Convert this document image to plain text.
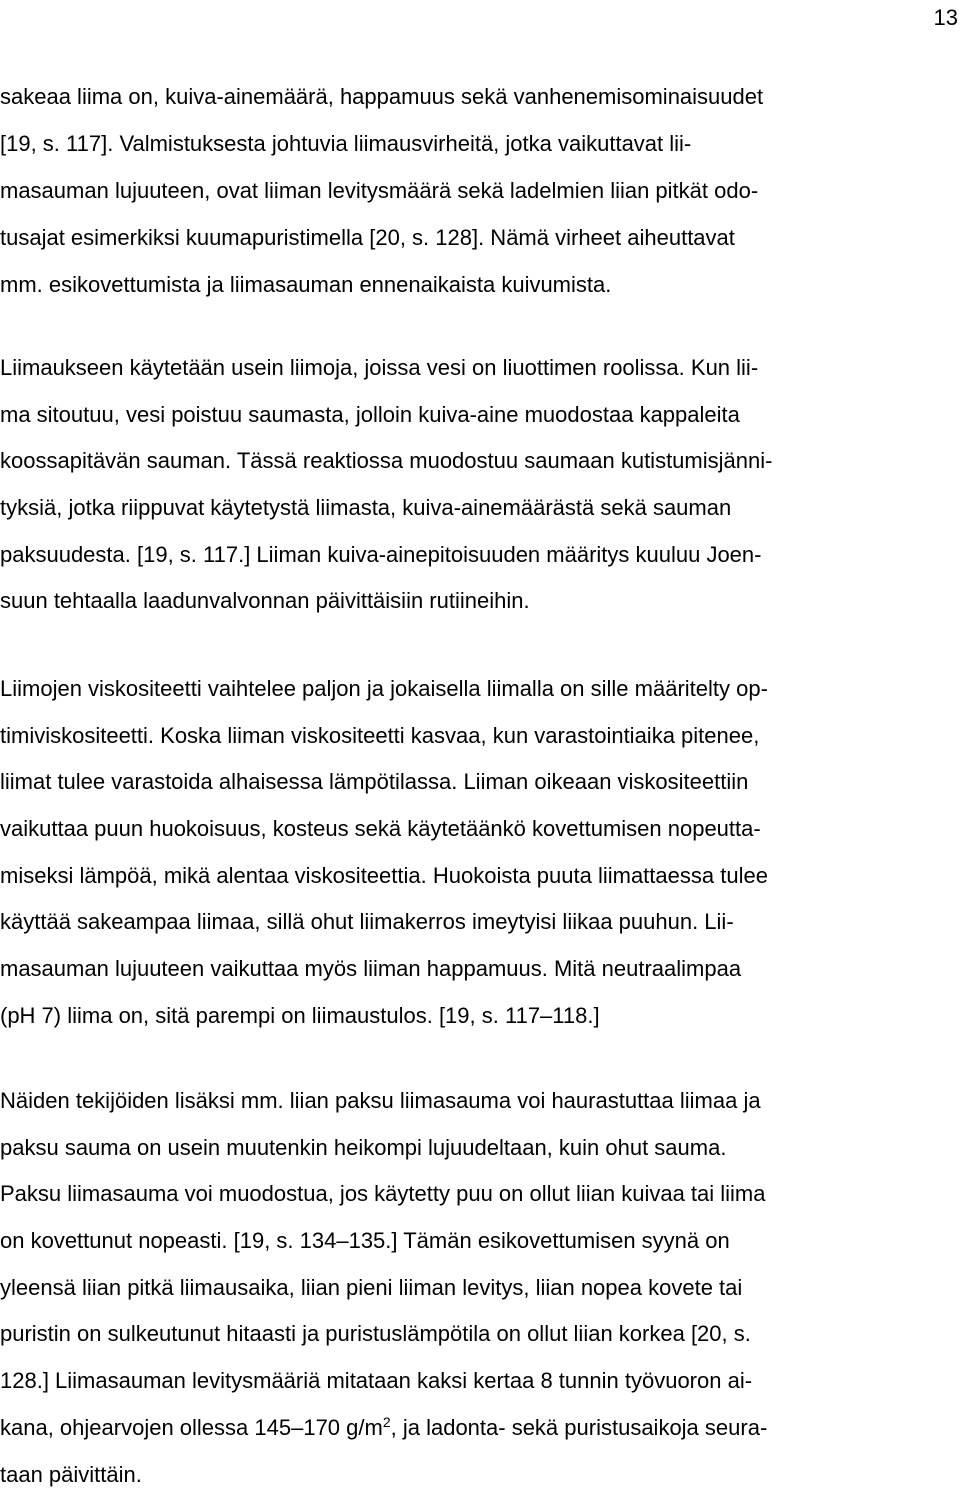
13
sakeaa liima on, kuiva-ainemäärä, happamuus sekä vanhenemisominaisuudet
[19, s. 117]. Valmistuksesta johtuvia liimausvirheitä, jotka vaikuttavat lii-
masauman lujuuteen, ovat liiman levitysmäärä sekä ladelmien liian pitkät odo-
tusajat esimerkiksi kuumapuristimella [20, s. 128]. Nämä virheet aiheuttavat
mm. esikovettumista ja liimasauman ennenaikaista kuivumista.
Liimaukseen käytetään usein liimoja, joissa vesi on liuottimen roolissa. Kun lii-
ma sitoutuu, vesi poistuu saumasta, jolloin kuiva-aine muodostaa kappaleita
koossapitävän sauman. Tässä reaktiossa muodostuu saumaan kutistumisjänni-
tyksiä, jotka riippuvat käytetystä liimasta, kuiva-ainemäärästä sekä sauman
paksuudesta. [19, s. 117.] Liiman kuiva-ainepitoisuuden määritys kuuluu Joen-
suun tehtaalla laadunvalvonnan päivittäisiin rutiineihin.
Liimojen viskositeetti vaihtelee paljon ja jokaisella liimalla on sille määritelty op-
timiviskositeetti. Koska liiman viskositeetti kasvaa, kun varastointiaika pitenee,
liimat tulee varastoida alhaisessa lämpötilassa. Liiman oikeaan viskositeettiin
vaikuttaa puun huokoisuus, kosteus sekä käytetäänkö kovettumisen nopeutta-
miseksi lämpöä, mikä alentaa viskositeettia. Huokoista puuta liimattaessa tulee
käyttää sakeampaa liimaa, sillä ohut liimakerros imeytyisi liikaa puuhun. Lii-
masauman lujuuteen vaikuttaa myös liiman happamuus. Mitä neutraalimpaa
(pH 7) liima on, sitä parempi on liimaustulos. [19, s. 117–118.]
Näiden tekijöiden lisäksi mm. liian paksu liimasauma voi haurastuttaa liimaa ja
paksu sauma on usein muutenkin heikompi lujuudeltaan, kuin ohut sauma.
Paksu liimasauma voi muodostua, jos käytetty puu on ollut liian kuivaa tai liima
on kovettunut nopeasti. [19, s. 134–135.] Tämän esikovettumisen syynä on
yleensä liian pitkä liimausaika, liian pieni liiman levitys, liian nopea kovete tai
puristin on sulkeutunut hitaasti ja puristuslämpötila on ollut liian korkea [20, s.
128.] Liimasauman levitysmääriä mitataan kaksi kertaa 8 tunnin työvuoron ai-
kana, ohjearvojen ollessa 145–170 $g/m^2$, ja ladonta- sekä puristusaikoja seura-
taan päivittäin.
